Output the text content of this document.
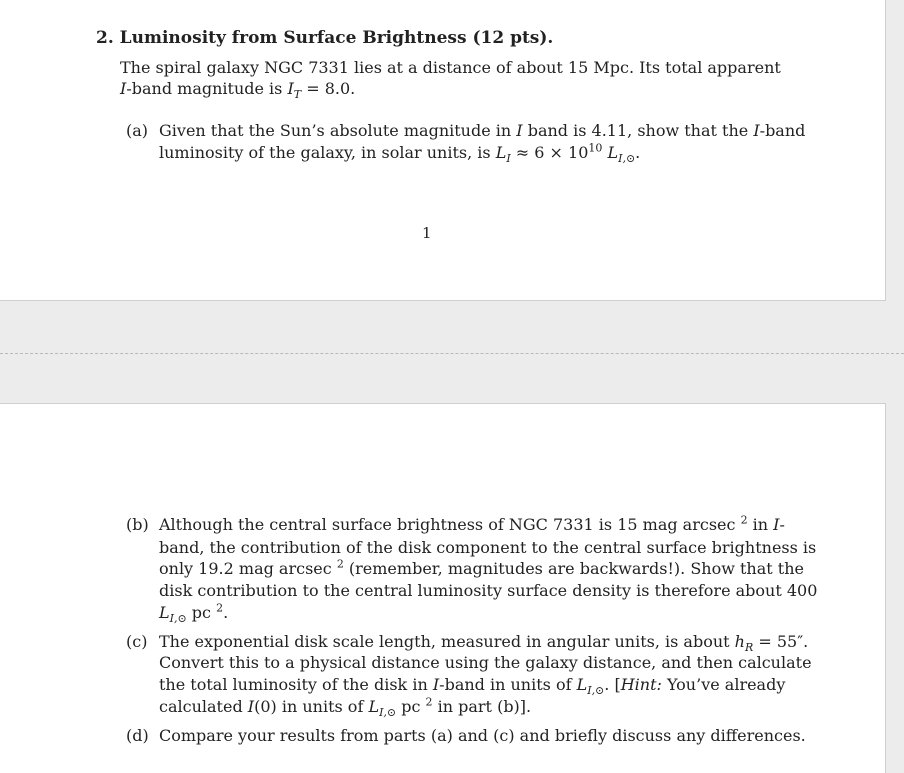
2. Luminosity from Surface Brightness (12 pts).
The spiral galaxy NGC 7331 lies at a distance of about 15 Mpc. Its total apparent
I-band magnitude is $I_T = 8.0$.
(a) Given that the Sun’s absolute magnitude in I band is 4.11, show that the I-band
luminosity of the galaxy, in solar units, is $L_I \approx 6 \times 10^{10}$ $L_{I,⊙}$.
1
(b) Although the central surface brightness of NGC 7331 is 15 mag arcsec $^2$ in I-
band, the contribution of the disk component to the central surface brightness is
only 19.2 mag arcsec $^2$ (remember, magnitudes are backwards!). Show that the
disk contribution to the central luminosity surface density is therefore about 400
$L_{I,⊙}$ pc $^2$.
(c) The exponential disk scale length, measured in angular units, is about $h_R = 55''$.
Convert this to a physical distance using the galaxy distance, and then calculate
the total luminosity of the disk in I-band in units of $L_{I,⊙}$. [Hint: You’ve already
calculated I(0) in units of $L_{I,⊙}$ pc $^2$ in part (b)].
(d) Compare your results from parts (a) and (c) and briefly discuss any differences.
